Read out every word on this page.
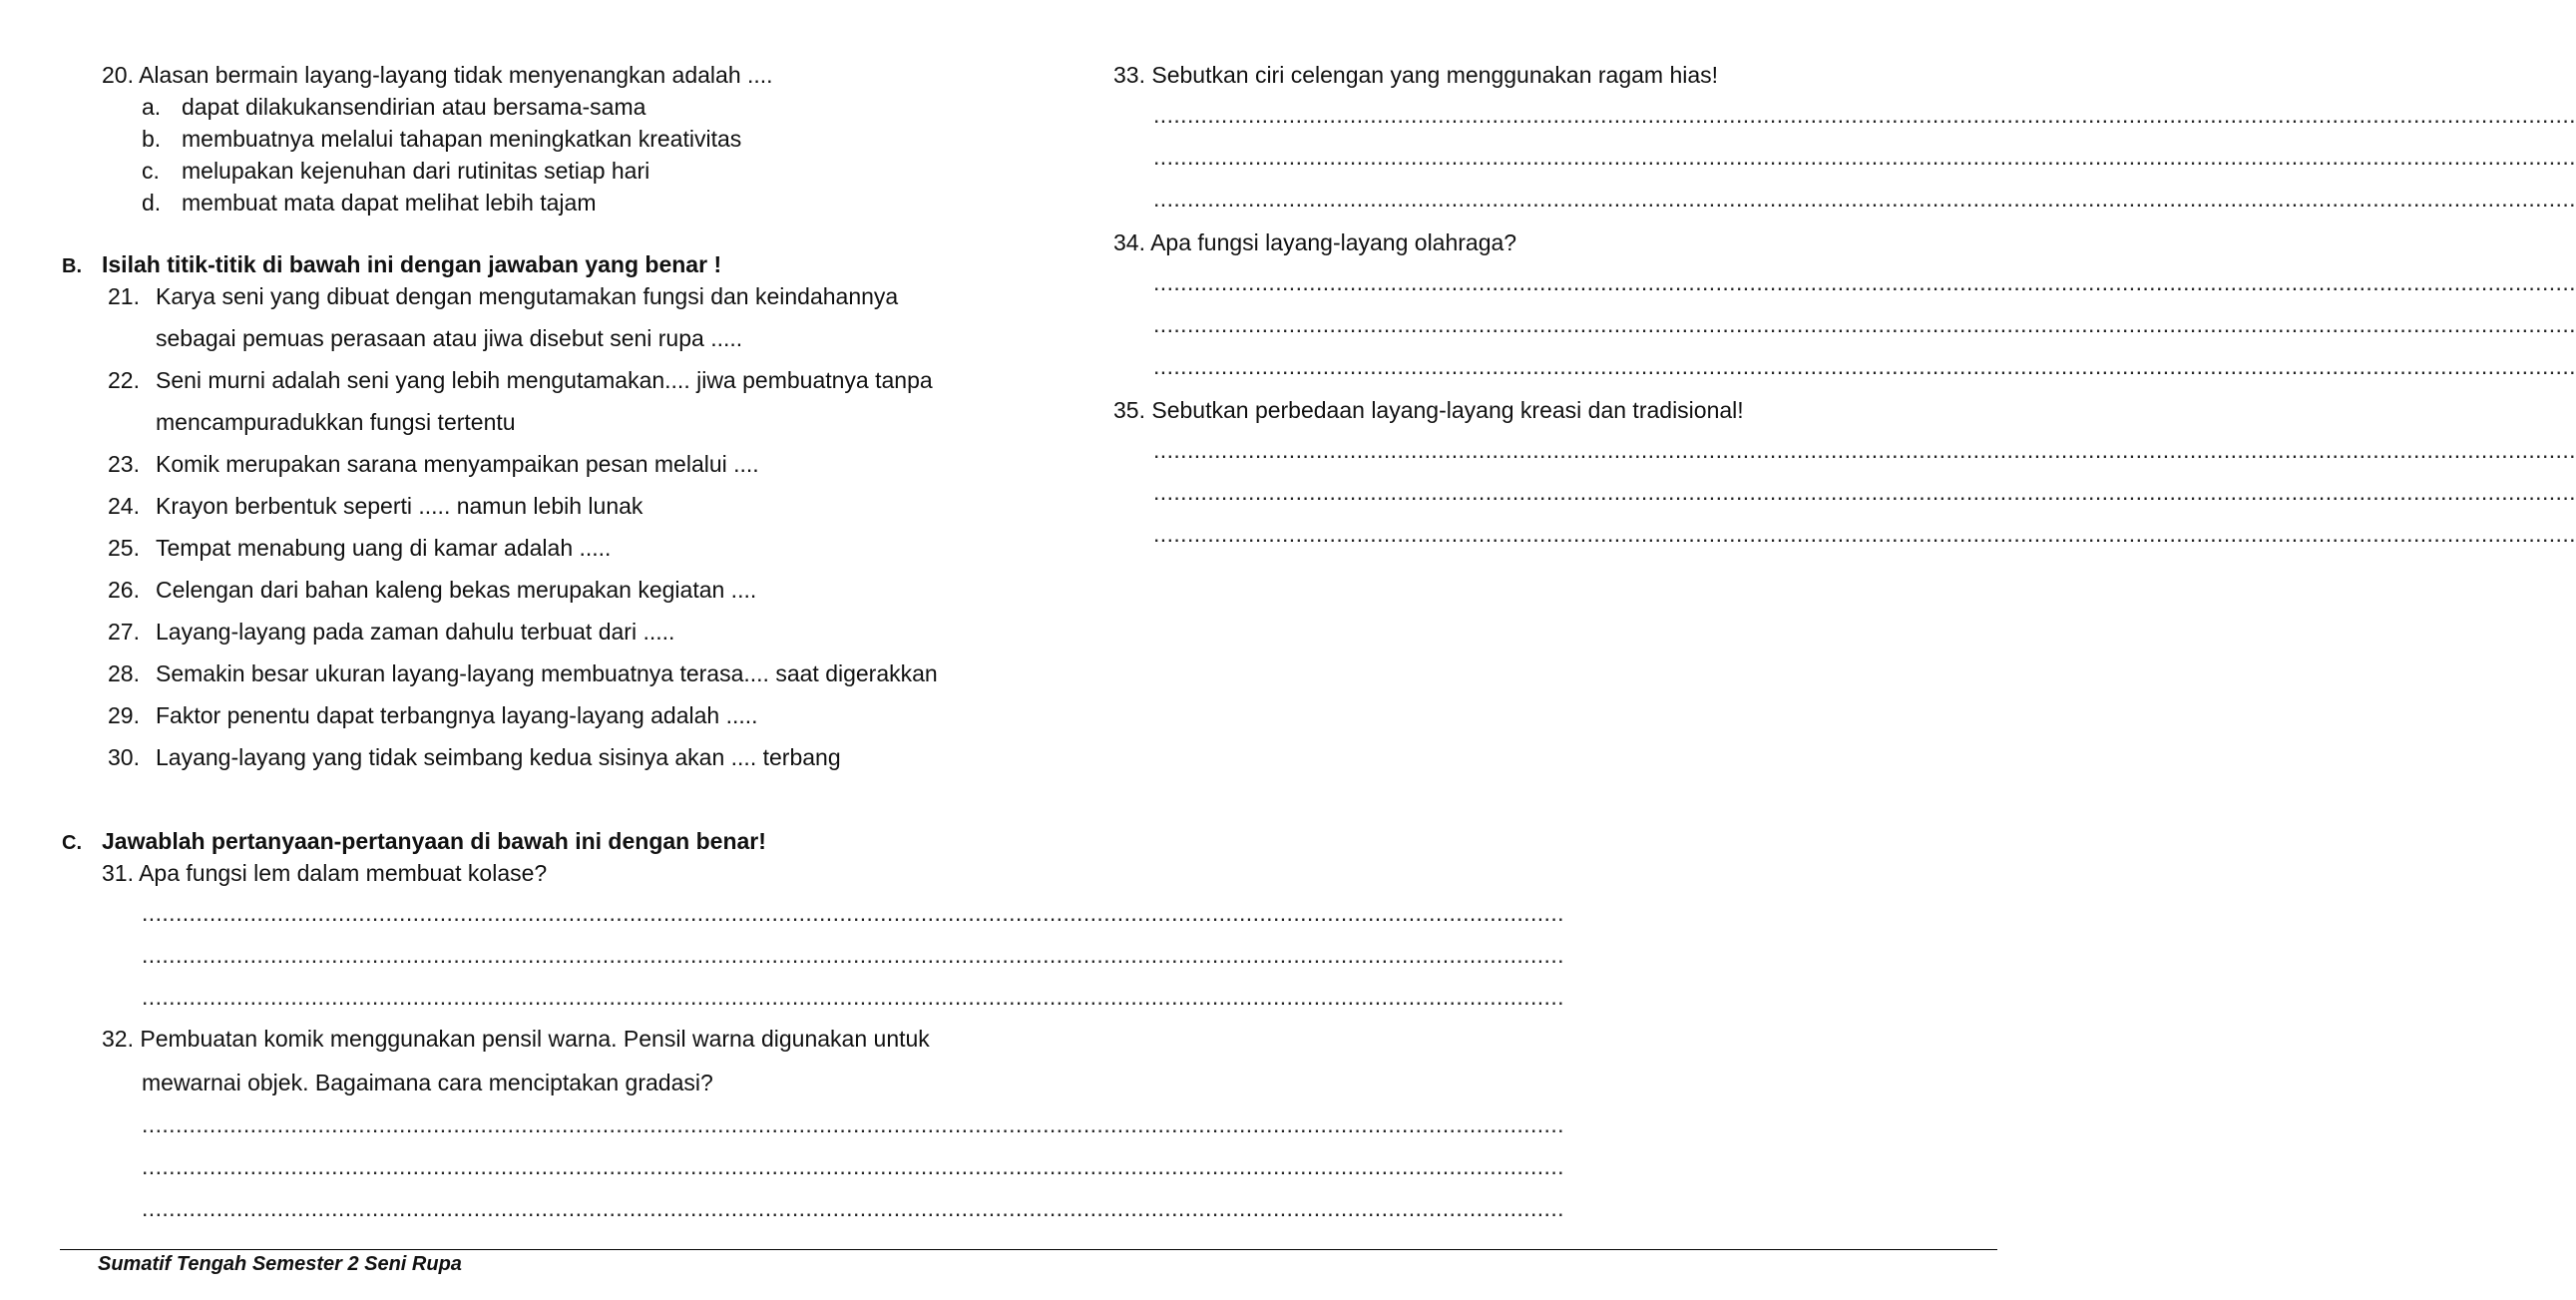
20. Alasan bermain layang-layang tidak menyenangkan adalah ....
a. dapat dilakukansendirian atau bersama-sama
b. membuatnya melalui tahapan meningkatkan kreativitas
c. melupakan kejenuhan dari rutinitas setiap hari
d. membuat mata dapat melihat lebih tajam
B. Isilah titik-titik di bawah ini dengan jawaban yang benar !
21. Karya seni yang dibuat dengan mengutamakan fungsi dan keindahannya
sebagai pemuas perasaan atau jiwa disebut seni rupa .....
22. Seni murni adalah seni yang lebih mengutamakan.... jiwa pembuatnya tanpa
mencampuradukkan fungsi tertentu
23. Komik merupakan sarana menyampaikan pesan melalui ....
24. Krayon berbentuk seperti ..... namun lebih lunak
25. Tempat menabung uang di kamar adalah .....
26. Celengan dari bahan kaleng bekas merupakan kegiatan ....
27. Layang-layang pada zaman dahulu terbuat dari .....
28. Semakin besar ukuran layang-layang membuatnya terasa.... saat digerakkan
29. Faktor penentu dapat terbangnya layang-layang adalah .....
30. Layang-layang yang tidak seimbang kedua sisinya akan .... terbang
C. Jawablah pertanyaan-pertanyaan di bawah ini dengan benar!
31. Apa fungsi lem dalam membuat kolase?
..................................................................................................................................................................................................................
..................................................................................................................................................................................................................
..................................................................................................................................................................................................................
32. Pembuatan komik menggunakan pensil warna. Pensil warna digunakan untuk
mewarnai objek. Bagaimana cara menciptakan gradasi?
..................................................................................................................................................................................................................
..................................................................................................................................................................................................................
..................................................................................................................................................................................................................
33. Sebutkan ciri celengan yang menggunakan ragam hias!
..................................................................................................................................................................................................................
..................................................................................................................................................................................................................
..................................................................................................................................................................................................................
34. Apa fungsi layang-layang olahraga?
..................................................................................................................................................................................................................
..................................................................................................................................................................................................................
..................................................................................................................................................................................................................
35. Sebutkan perbedaan layang-layang kreasi dan tradisional!
..................................................................................................................................................................................................................
..................................................................................................................................................................................................................
..................................................................................................................................................................................................................
Sumatif Tengah Semester 2 Seni Rupa
